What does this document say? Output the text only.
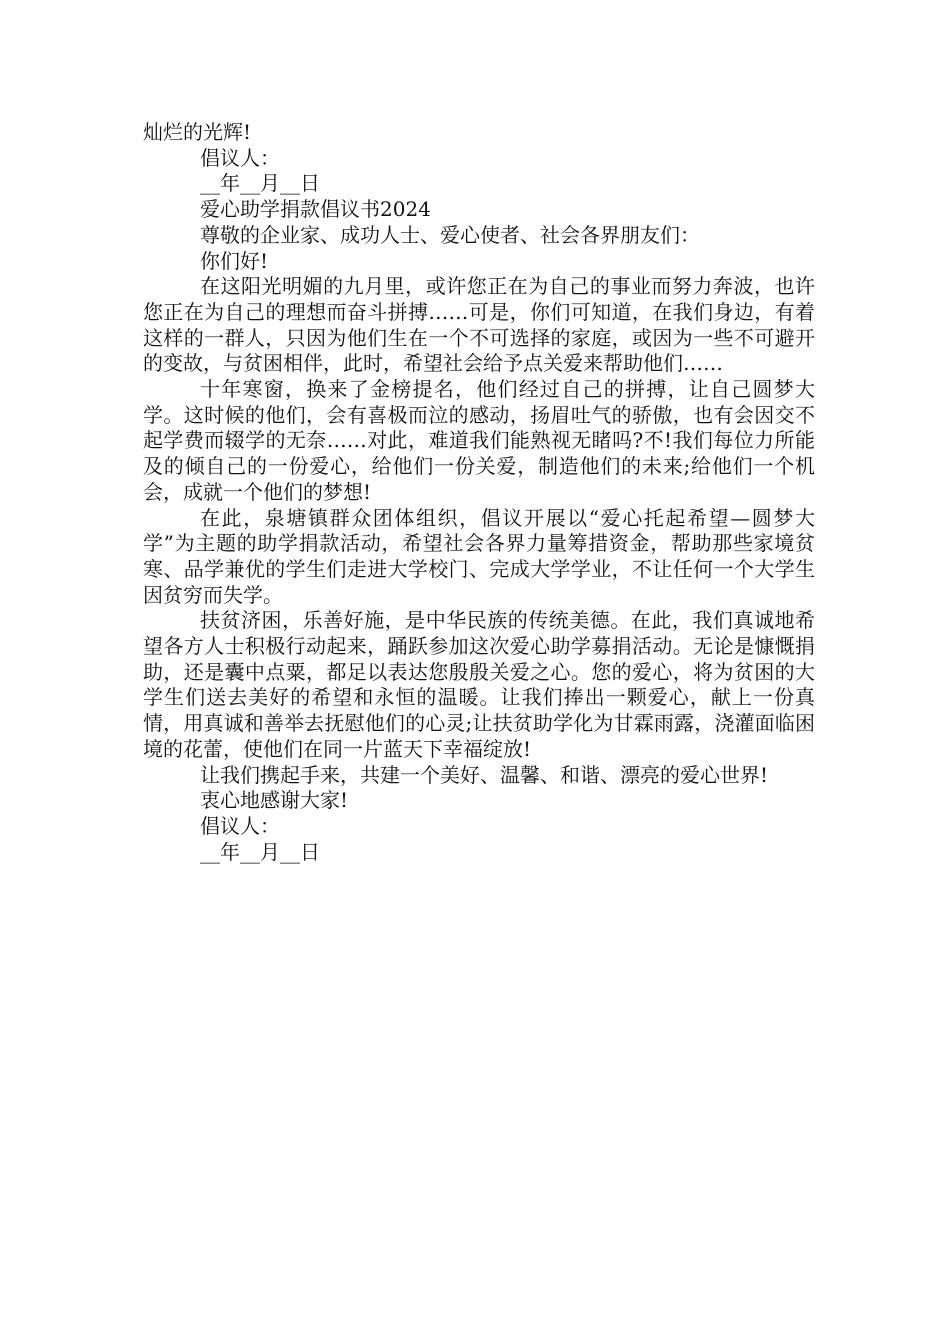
灿烂的光辉!

倡议人：

__年__月__日

爱心助学捐款倡议书2024

尊敬的企业家、成功人士、爱心使者、社会各界朋友们：

你们好!

在这阳光明媚的九月里，或许您正在为自己的事业而努力奔波，也许您正在为自己的理想而奋斗拼搏……可是，你们可知道，在我们身边，有着这样的一群人，只因为他们生在一个不可选择的家庭，或因为一些不可避开的变故，与贫困相伴，此时，希望社会给予点关爱来帮助他们……

十年寒窗，换来了金榜提名，他们经过自己的拼搏，让自己圆梦大学。这时候的他们，会有喜极而泣的感动，扬眉吐气的骄傲，也有会因交不起学费而辍学的无奈……对此，难道我们能熟视无睹吗?不!我们每位力所能及的倾自己的一份爱心，给他们一份关爱，制造他们的未来;给他们一个机会，成就一个他们的梦想!

在此，泉塘镇群众团体组织，倡议开展以“爱心托起希望—圆梦大学”为主题的助学捐款活动，希望社会各界力量筹措资金，帮助那些家境贫寒、品学兼优的学生们走进大学校门、完成大学学业，不让任何一个大学生因贫穷而失学。

扶贫济困，乐善好施，是中华民族的传统美德。在此，我们真诚地希望各方人士积极行动起来，踊跃参加这次爱心助学募捐活动。无论是慷慨捐助，还是囊中点粟，都足以表达您殷殷关爱之心。您的爱心，将为贫困的大学生们送去美好的希望和永恒的温暖。让我们捧出一颗爱心，献上一份真情，用真诚和善举去抚慰他们的心灵;让扶贫助学化为甘霖雨露，浇灌面临困境的花蕾，使他们在同一片蓝天下幸福绽放!

让我们携起手来，共建一个美好、温馨、和谐、漂亮的爱心世界!

衷心地感谢大家!

倡议人：

__年__月__日
